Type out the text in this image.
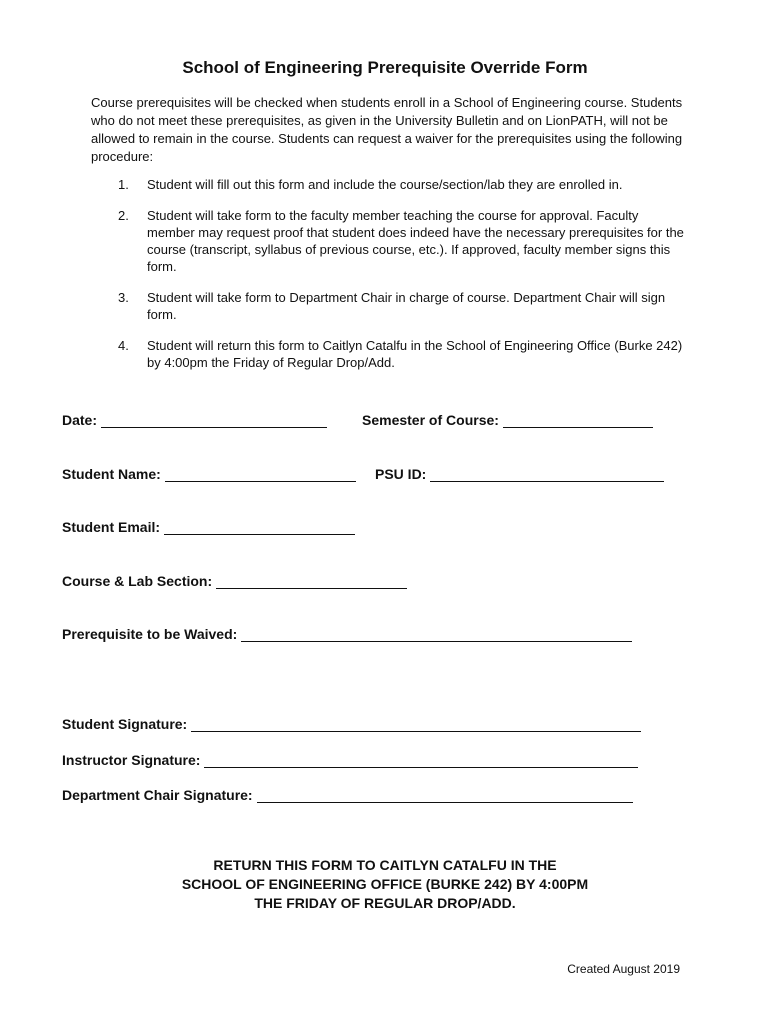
School of Engineering Prerequisite Override Form
Course prerequisites will be checked when students enroll in a School of Engineering course. Students who do not meet these prerequisites, as given in the University Bulletin and on LionPATH, will not be allowed to remain in the course. Students can request a waiver for the prerequisites using the following procedure:
1.	Student will fill out this form and include the course/section/lab they are enrolled in.
2.	Student will take form to the faculty member teaching the course for approval. Faculty member may request proof that student does indeed have the necessary prerequisites for the course (transcript, syllabus of previous course, etc.). If approved, faculty member signs this form.
3.	Student will take form to Department Chair in charge of course. Department Chair will sign form.
4.	Student will return this form to Caitlyn Catalfu in the School of Engineering Office (Burke 242) by 4:00pm the Friday of Regular Drop/Add.
Date:	Semester of Course:
Student Name:	PSU ID:
Student Email:
Course & Lab Section:
Prerequisite to be Waived:
Student Signature:
Instructor Signature:
Department Chair Signature:
RETURN THIS FORM TO CAITLYN CATALFU IN THE
SCHOOL OF ENGINEERING OFFICE (BURKE 242) BY 4:00PM
THE FRIDAY OF REGULAR DROP/ADD.
Created August 2019
